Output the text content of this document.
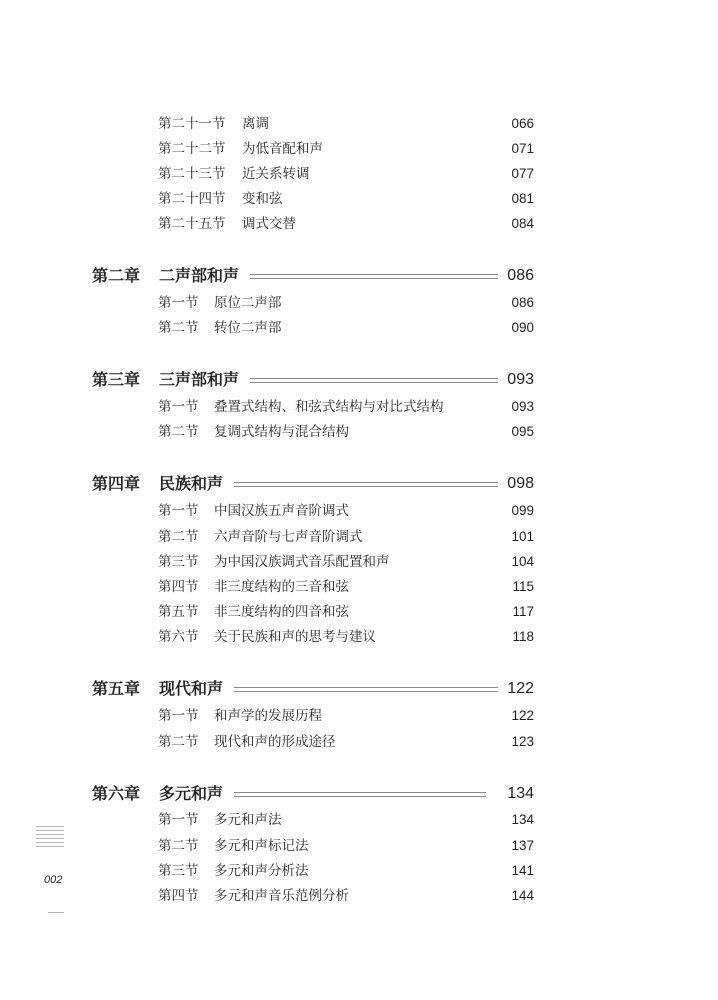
第二十一节 离调	066
第二十二节 为低音配和声	071
第二十三节 近关系转调	077
第二十四节 变和弦	081
第二十五节 调式交替	084
第二章 二声部和声	086
第一节 原位二声部	086
第二节 转位二声部	090
第三章 三声部和声	093
第一节 叠置式结构、和弦式结构与对比式结构	093
第二节 复调式结构与混合结构	095
第四章 民族和声	098
第一节 中国汉族五声音阶调式	099
第二节 六声音阶与七声音阶调式	101
第三节 为中国汉族调式音乐配置和声	104
第四节 非三度结构的三音和弦	115
第五节 非三度结构的四音和弦	117
第六节 关于民族和声的思考与建议	118
第五章 现代和声	122
第一节 和声学的发展历程	122
第二节 现代和声的形成途径	123
第六章 多元和声	134
第一节 多元和声法	134
第二节 多元和声标记法	137
第三节 多元和声分析法	141
第四节 多元和声音乐范例分析	144
002
